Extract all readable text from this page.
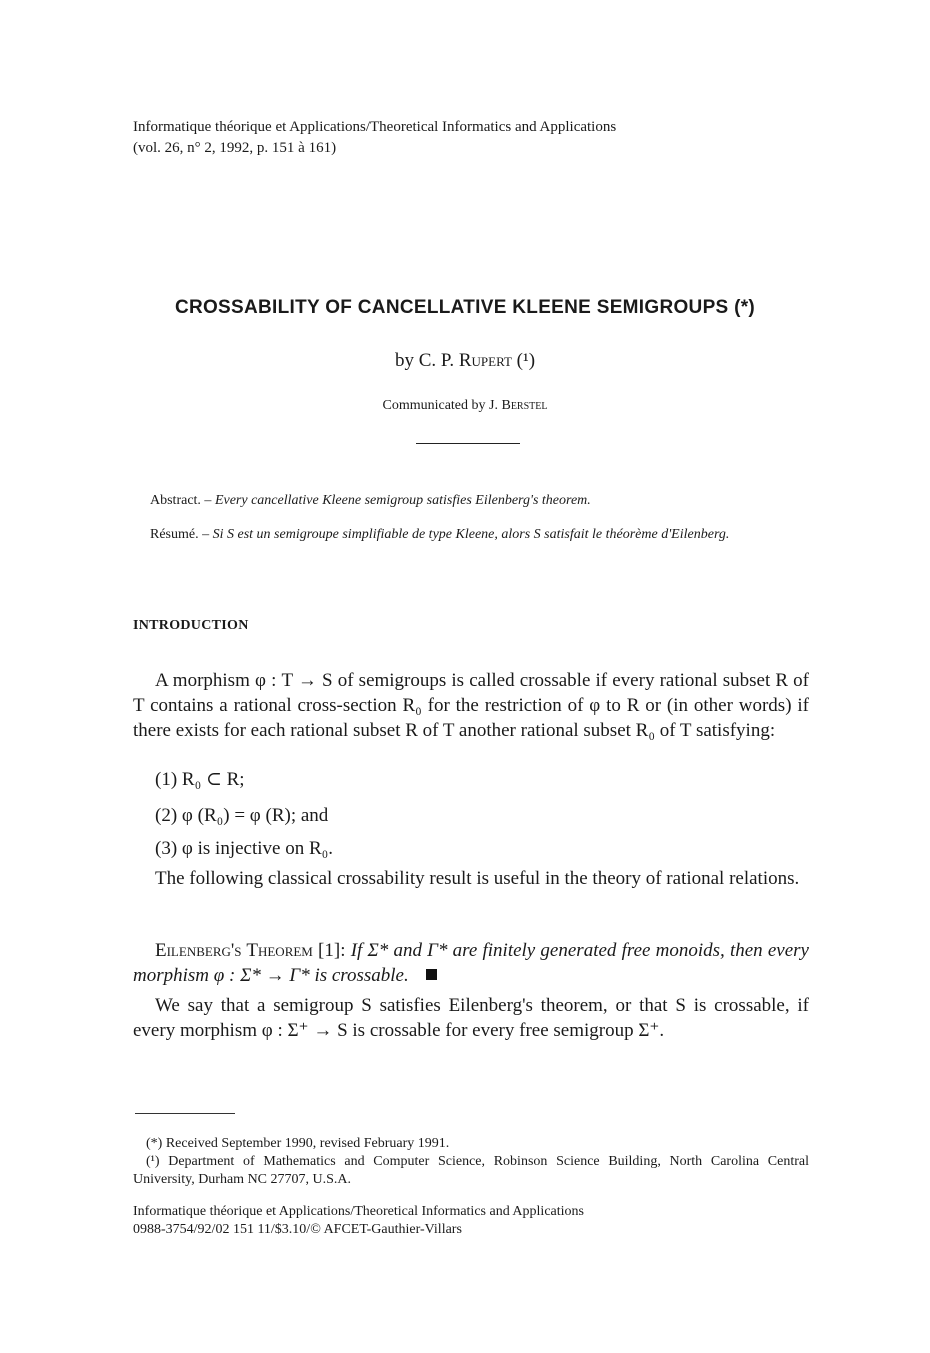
Informatique théorique et Applications/Theoretical Informatics and Applications
(vol. 26, n° 2, 1992, p. 151 à 161)
CROSSABILITY OF CANCELLATIVE KLEENE SEMIGROUPS (*)
by C. P. Rupert (¹)
Communicated by J. Berstel
Abstract. – Every cancellative Kleene semigroup satisfies Eilenberg's theorem.
Résumé. – Si S est un semigroupe simplifiable de type Kleene, alors S satisfait le théorème d'Eilenberg.
INTRODUCTION
A morphism φ : T → S of semigroups is called crossable if every rational subset R of T contains a rational cross-section R₀ for the restriction of φ to R or (in other words) if there exists for each rational subset R of T another rational subset R₀ of T satisfying:
(1) R₀ ⊂ R;
(2) φ (R₀) = φ (R); and
(3) φ is injective on R₀.
The following classical crossability result is useful in the theory of rational relations.
Eilenberg's Theorem [1]: If Σ* and Γ* are finitely generated free monoids, then every morphism φ : Σ* → Γ* is crossable.
We say that a semigroup S satisfies Eilenberg's theorem, or that S is crossable, if every morphism φ : Σ⁺ → S is crossable for every free semigroup Σ⁺.
(*) Received September 1990, revised February 1991.
(¹) Department of Mathematics and Computer Science, Robinson Science Building, North Carolina Central University, Durham NC 27707, U.S.A.
Informatique théorique et Applications/Theoretical Informatics and Applications
0988-3754/92/02 151 11/$3.10/© AFCET-Gauthier-Villars
